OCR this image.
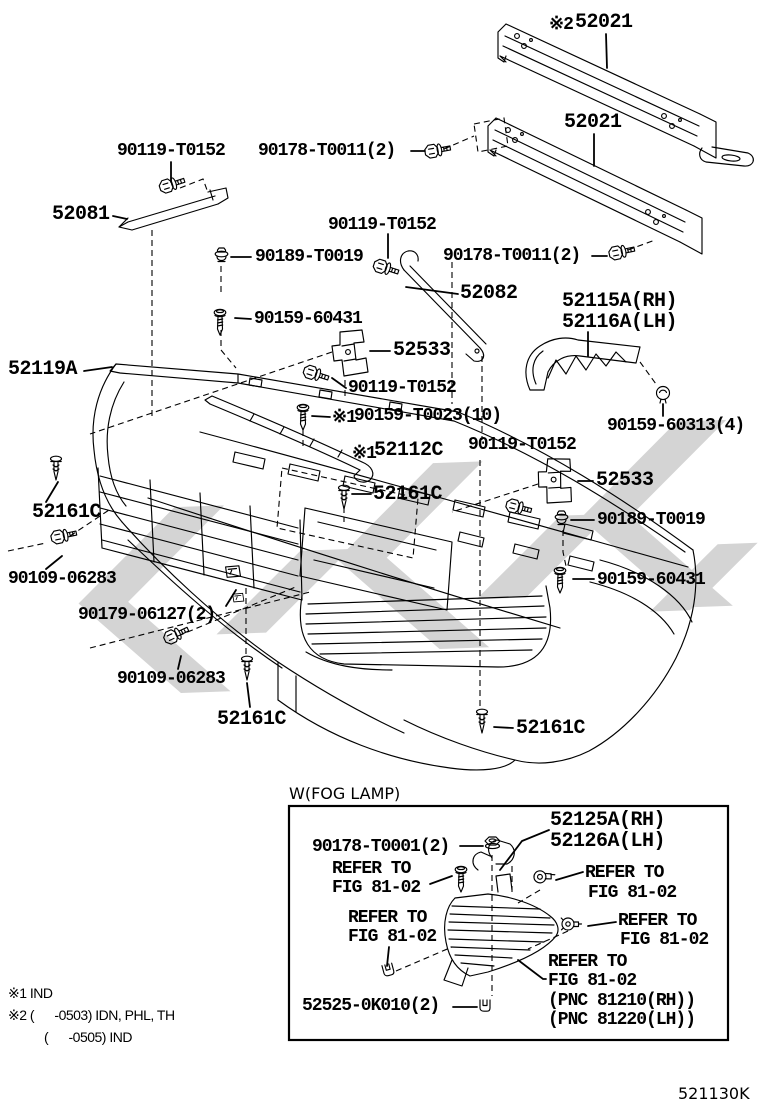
※2 52021
52021
90119-T0152 90178-T0011(2)
52081	90119-T0152
90189-T0019	90178-T0011(2)
52082 52115A(RH)
52116A(LH)
90159-60431
52533
52119A
90119-T0152
※1
90159-T0023(10)	90159-60313(4)
90119-T0152
※1
52112C
52533
52161C
52161C	90189-T0019
90109-06283	90159-60431
90179-06127(2)
90109-06283
52161C	52161C
W(FOG LAMP)
52125A(RH)
52126A(LH)
90178-T0001(2)
REFER TO
FIG 81-02
REFER TO
FIG 81-02
REFER TO
FIG 81-02
REFER TO
FIG 81-02
REFER TO
FIG 81-02
(PNC 81210(RH))
(PNC 81220(LH))
52525-0K010(2)
※1 IND
※2 (      -0503) IDN, PHL, TH
(      -0505) IND
521130K
